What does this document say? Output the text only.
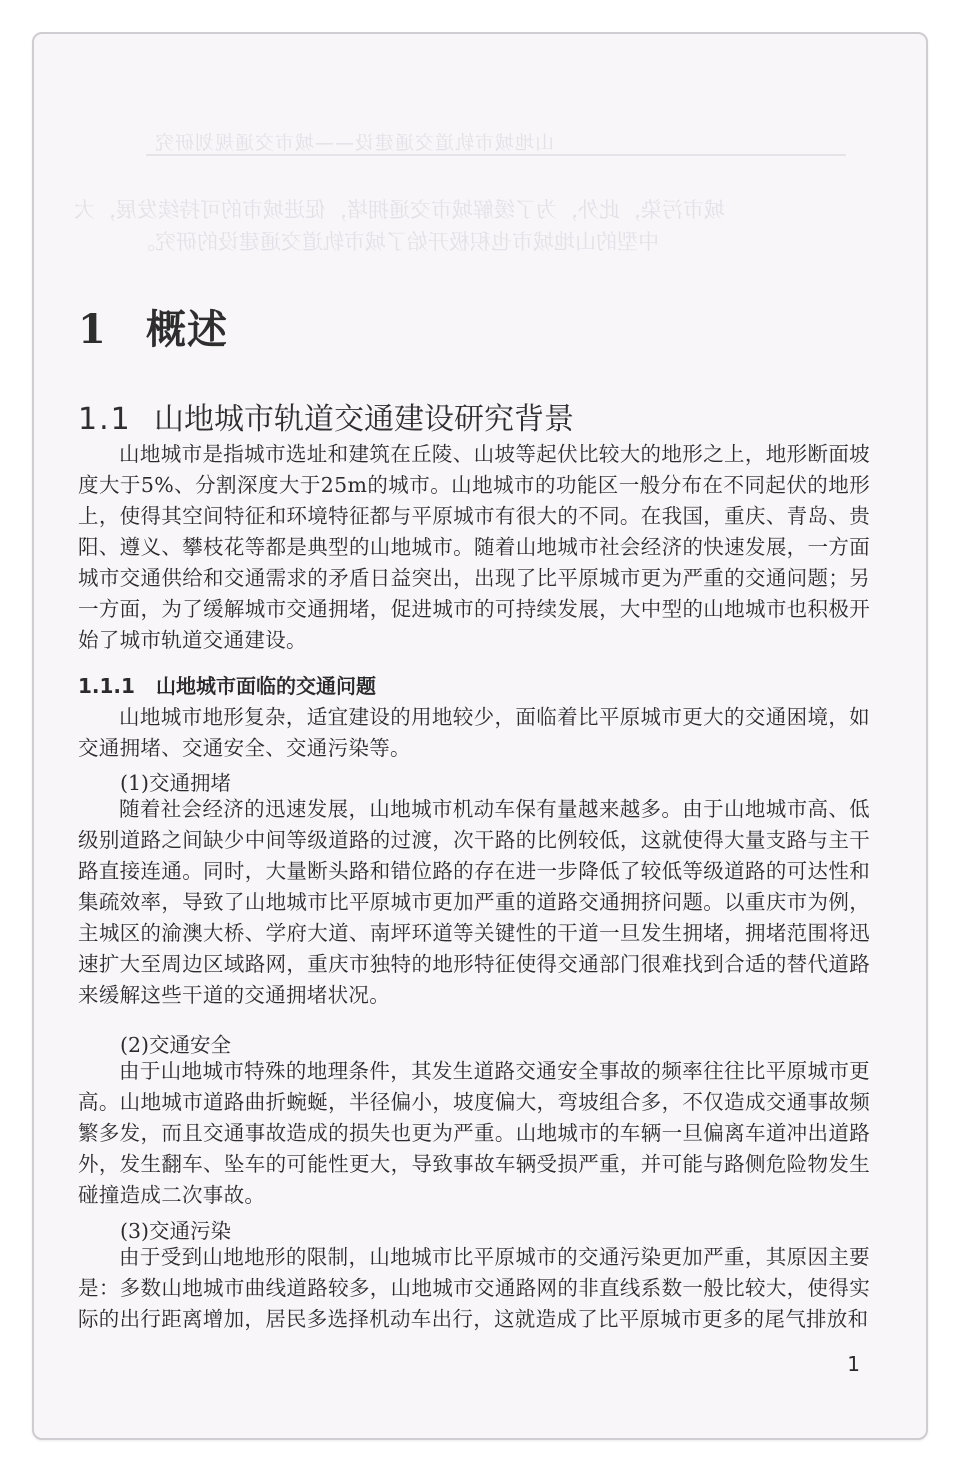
山地城市轨道交通建设——城市交通规划研究
城市污染，此外，为了缓解城市交通拥堵，促进城市的可持续发展，大
中型的山地城市也积极开始了城市轨道交通建设的研究。
1 概述
1.1 山地城市轨道交通建设研究背景

山地城市是指城市选址和建筑在丘陵、山坡等起伏比较大的地形之上，地形断面坡度大于5%、分割深度大于25m的城市。山地城市的功能区一般分布在不同起伏的地形上，使得其空间特征和环境特征都与平原城市有很大的不同。在我国，重庆、青岛、贵阳、遵义、攀枝花等都是典型的山地城市。随着山地城市社会经济的快速发展，一方面城市交通供给和交通需求的矛盾日益突出，出现了比平原城市更为严重的交通问题；另一方面，为了缓解城市交通拥堵，促进城市的可持续发展，大中型的山地城市也积极开始了城市轨道交通建设。

1.1.1 山地城市面临的交通问题

山地城市地形复杂，适宜建设的用地较少，面临着比平原城市更大的交通困境，如交通拥堵、交通安全、交通污染等。

(1)交通拥堵

随着社会经济的迅速发展，山地城市机动车保有量越来越多。由于山地城市高、低级别道路之间缺少中间等级道路的过渡，次干路的比例较低，这就使得大量支路与主干路直接连通。同时，大量断头路和错位路的存在进一步降低了较低等级道路的可达性和集疏效率，导致了山地城市比平原城市更加严重的道路交通拥挤问题。以重庆市为例，主城区的渝澳大桥、学府大道、南坪环道等关键性的干道一旦发生拥堵，拥堵范围将迅速扩大至周边区域路网，重庆市独特的地形特征使得交通部门很难找到合适的替代道路来缓解这些干道的交通拥堵状况。

(2)交通安全

由于山地城市特殊的地理条件，其发生道路交通安全事故的频率往往比平原城市更高。山地城市道路曲折蜿蜒，半径偏小，坡度偏大，弯坡组合多，不仅造成交通事故频繁多发，而且交通事故造成的损失也更为严重。山地城市的车辆一旦偏离车道冲出道路外，发生翻车、坠车的可能性更大，导致事故车辆受损严重，并可能与路侧危险物发生碰撞造成二次事故。

(3)交通污染

由于受到山地地形的限制，山地城市比平原城市的交通污染更加严重，其原因主要是：多数山地城市曲线道路较多，山地城市交通路网的非直线系数一般比较大，使得实际的出行距离增加，居民多选择机动车出行，这就造成了比平原城市更多的尾气排放和

1
